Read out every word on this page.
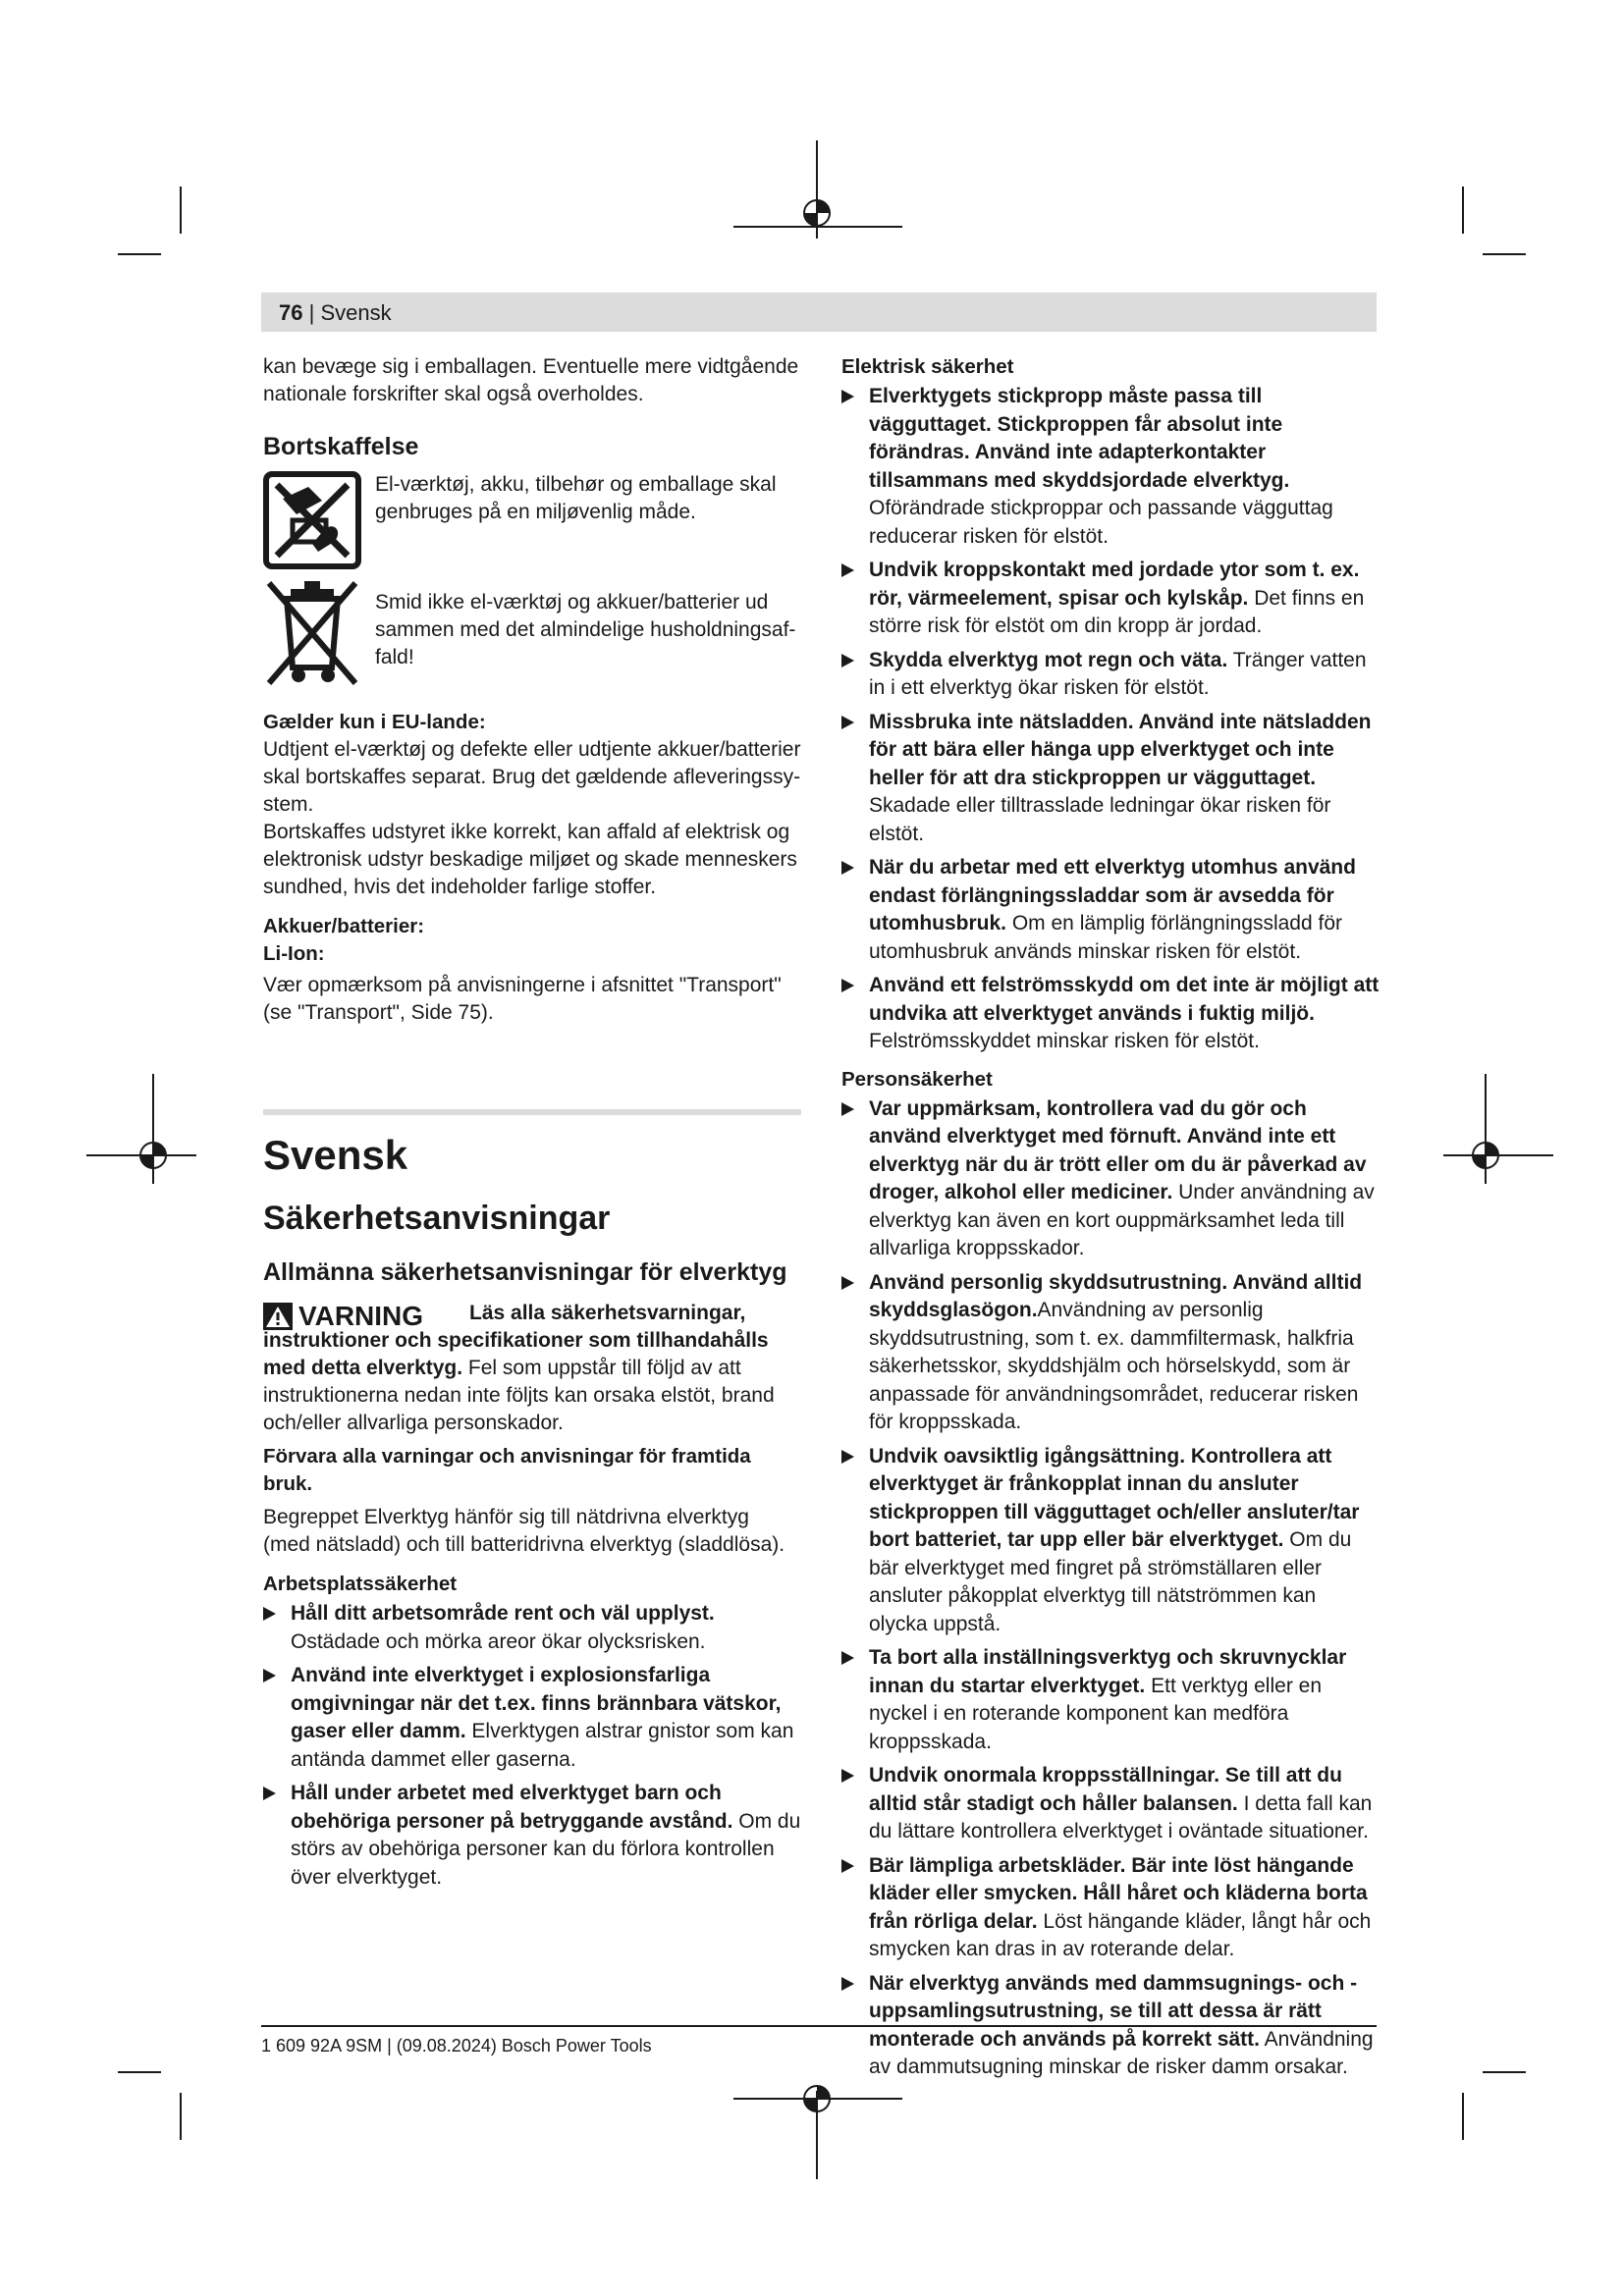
76 | Svensk

kan bevæge sig i emballagen. Eventuelle mere vidtgående nationale forskrifter skal også overholdes.

Bortskaffelse

El-værktøj, akku, tilbehør og emballage skal genbruges på en miljøvenlig måde.

Smid ikke el-værktøj og akkuer/batterier ud sammen med det almindelige husholdningsaffald!

Gælder kun i EU-lande:

Udtjent el-værktøj og defekte eller udtjente akkuer/batterier skal bortskaffes separat. Brug det gældende afleveringssystem.

Bortskaffes udstyret ikke korrekt, kan affald af elektrisk og elektronisk udstyr beskadige miljøet og skade menneskers sundhed, hvis det indeholder farlige stoffer.

Akkuer/batterier:

Li-Ion:

Vær opmærksom på anvisningerne i afsnittet "Transport" (se "Transport", Side 75).

Svensk

Säkerhetsanvisningar

Allmänna säkerhetsanvisningar för elverktyg

VARNING	Läs alla säkerhetsvarningar, instruktioner och specifikationer som tillhandahålls med detta elverktyg. Fel som uppstår till följd av att instruktionerna nedan inte följts kan orsaka elstöt, brand och/eller allvarliga personskador.

Förvara alla varningar och anvisningar för framtida bruk.

Begreppet Elverktyg hänför sig till nätdrivna elverktyg (med nätsladd) och till batteridrivna elverktyg (sladdlösa).

Arbetsplatssäkerhet

Håll ditt arbetsområde rent och väl upplyst. Ostädade och mörka areor ökar olycksrisken.
Använd inte elverktyget i explosionsfarliga omgivningar när det t.ex. finns brännbara vätskor, gaser eller damm. Elverktygen alstrar gnistor som kan antända dammet eller gaserna.
Håll under arbetet med elverktyget barn och obehöriga personer på betryggande avstånd. Om du störs av obehöriga personer kan du förlora kontrollen över elverktyget.

Elektrisk säkerhet

Elverktygets stickpropp måste passa till vägguttaget. Stickproppen får absolut inte förändras. Använd inte adapterkontakter tillsammans med skyddsjordade elverktyg. Oförändrade stickproppar och passande vägguttag reducerar risken för elstöt.
Undvik kroppskontakt med jordade ytor som t. ex. rör, värmeelement, spisar och kylskåp. Det finns en större risk för elstöt om din kropp är jordad.
Skydda elverktyg mot regn och väta. Tränger vatten in i ett elverktyg ökar risken för elstöt.
Missbruka inte nätsladden. Använd inte nätsladden för att bära eller hänga upp elverktyget och inte heller för att dra stickproppen ur vägguttaget. Skadade eller tilltrasslade ledningar ökar risken för elstöt.
När du arbetar med ett elverktyg utomhus använd endast förlängningssladdar som är avsedda för utomhusbruk. Om en lämplig förlängningssladd för utomhusbruk används minskar risken för elstöt.
Använd ett felströmsskydd om det inte är möjligt att undvika att elverktyget används i fuktig miljö. Felströmsskyddet minskar risken för elstöt.

Personsäkerhet

Var uppmärksam, kontrollera vad du gör och använd elverktyget med förnuft. Använd inte ett elverktyg när du är trött eller om du är påverkad av droger, alkohol eller mediciner. Under användning av elverktyg kan även en kort ouppmärksamhet leda till allvarliga kroppsskador.
Använd personlig skyddsutrustning. Använd alltid skyddsglasögon.Användning av personlig skyddsutrustning, som t. ex. dammfiltermask, halkfria säkerhetsskor, skyddshjälm och hörselskydd, som är anpassade för användningsområdet, reducerar risken för kroppsskada.
Undvik oavsiktlig igångsättning. Kontrollera att elverktyget är frånkopplat innan du ansluter stickproppen till vägguttaget och/eller ansluter/tar bort batteriet, tar upp eller bär elverktyget. Om du bär elverktyget med fingret på strömställaren eller ansluter påkopplat elverktyg till nätströmmen kan olycka uppstå.
Ta bort alla inställningsverktyg och skruvnycklar innan du startar elverktyget. Ett verktyg eller en nyckel i en roterande komponent kan medföra kroppsskada.
Undvik onormala kroppsställningar. Se till att du alltid står stadigt och håller balansen. I detta fall kan du lättare kontrollera elverktyget i oväntade situationer.
Bär lämpliga arbetskläder. Bär inte löst hängande kläder eller smycken. Håll håret och kläderna borta från rörliga delar. Löst hängande kläder, långt hår och smycken kan dras in av roterande delar.
När elverktyg används med dammsugnings- och -uppsamlingsutrustning, se till att dessa är rätt monterade och används på korrekt sätt. Användning av dammutsugning minskar de risker damm orsakar.
1 609 92A 9SM | (09.08.2024) Bosch Power Tools
